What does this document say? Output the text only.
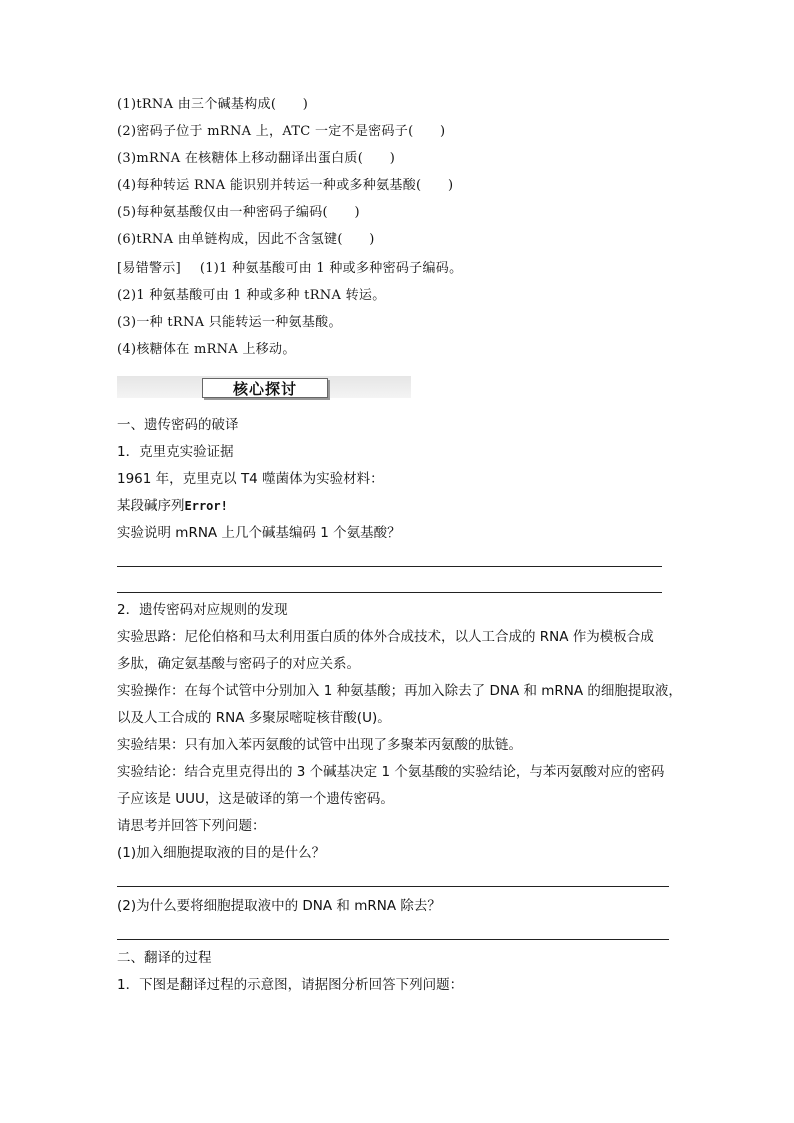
(1)tRNA 由三个碱基构成(　　)
(2)密码子位于 mRNA 上，ATC 一定不是密码子(　　)
(3)mRNA 在核糖体上移动翻译出蛋白质(　　)
(4)每种转运 RNA 能识别并转运一种或多种氨基酸(　　)
(5)每种氨基酸仅由一种密码子编码(　　)
(6)tRNA 由单链构成，因此不含氢键(　　)
[易错警示] (1)1 种氨基酸可由 1 种或多种密码子编码。
(2)1 种氨基酸可由 1 种或多种 tRNA 转运。
(3)一种 tRNA 只能转运一种氨基酸。
(4)核糖体在 mRNA 上移动。
核心探讨
一、遗传密码的破译
1．克里克实验证据
1961 年，克里克以 T4 噬菌体为实验材料：
某段碱序列Error!
实验说明 mRNA 上几个碱基编码 1 个氨基酸？
2．遗传密码对应规则的发现
实验思路：尼伦伯格和马太利用蛋白质的体外合成技术，以人工合成的 RNA 作为模板合成
多肽，确定氨基酸与密码子的对应关系。
实验操作：在每个试管中分别加入 1 种氨基酸；再加入除去了 DNA 和 mRNA 的细胞提取液，
以及人工合成的 RNA 多聚尿嘧啶核苷酸(U)。
实验结果：只有加入苯丙氨酸的试管中出现了多聚苯丙氨酸的肽链。
实验结论：结合克里克得出的 3 个碱基决定 1 个氨基酸的实验结论，与苯丙氨酸对应的密码
子应该是 UUU，这是破译的第一个遗传密码。
请思考并回答下列问题：
(1)加入细胞提取液的目的是什么？
(2)为什么要将细胞提取液中的 DNA 和 mRNA 除去？
二、翻译的过程
1．下图是翻译过程的示意图，请据图分析回答下列问题：
